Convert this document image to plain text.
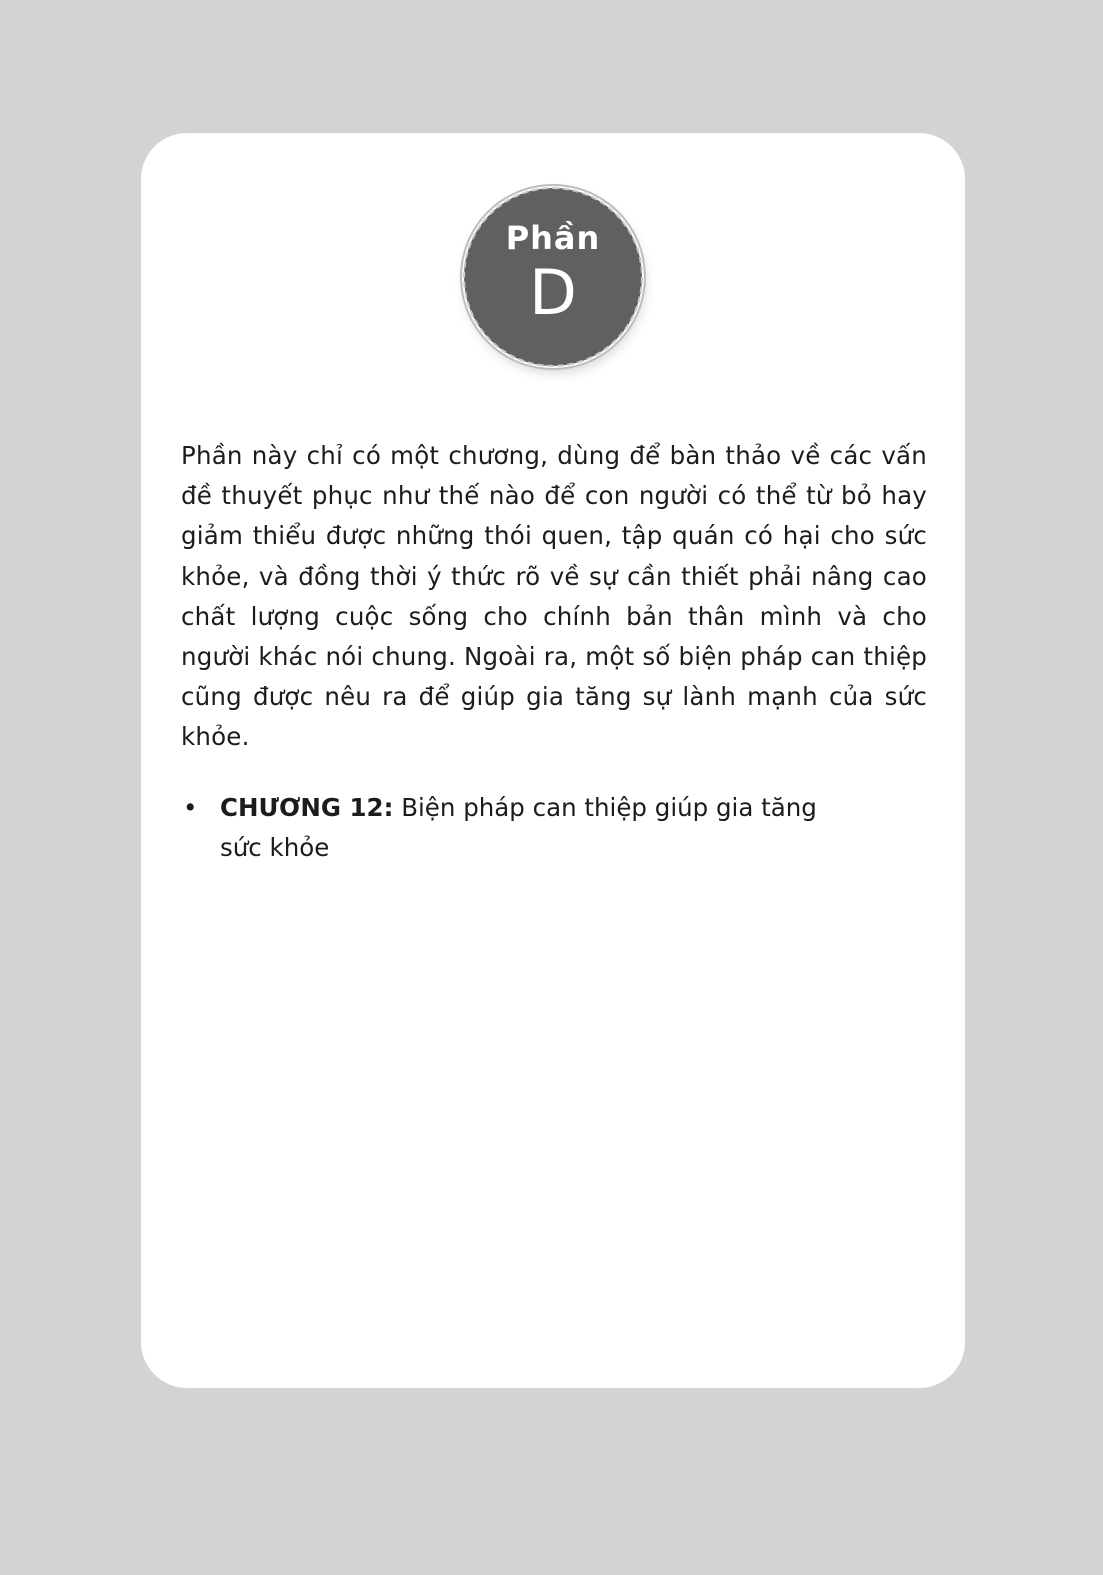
Phần
D

Phần này chỉ có một chương, dùng để bàn thảo về các vấn đề thuyết phục như thế nào để con người có thể từ bỏ hay giảm thiểu được những thói quen, tập quán có hại cho sức khỏe, và đồng thời ý thức rõ về sự cần thiết phải nâng cao chất lượng cuộc sống cho chính bản thân mình và cho người khác nói chung. Ngoài ra, một số biện pháp can thiệp cũng được nêu ra để giúp gia tăng sự lành mạnh của sức khỏe.

• CHƯƠNG 12: Biện pháp can thiệp giúp gia tăng sức khỏe
